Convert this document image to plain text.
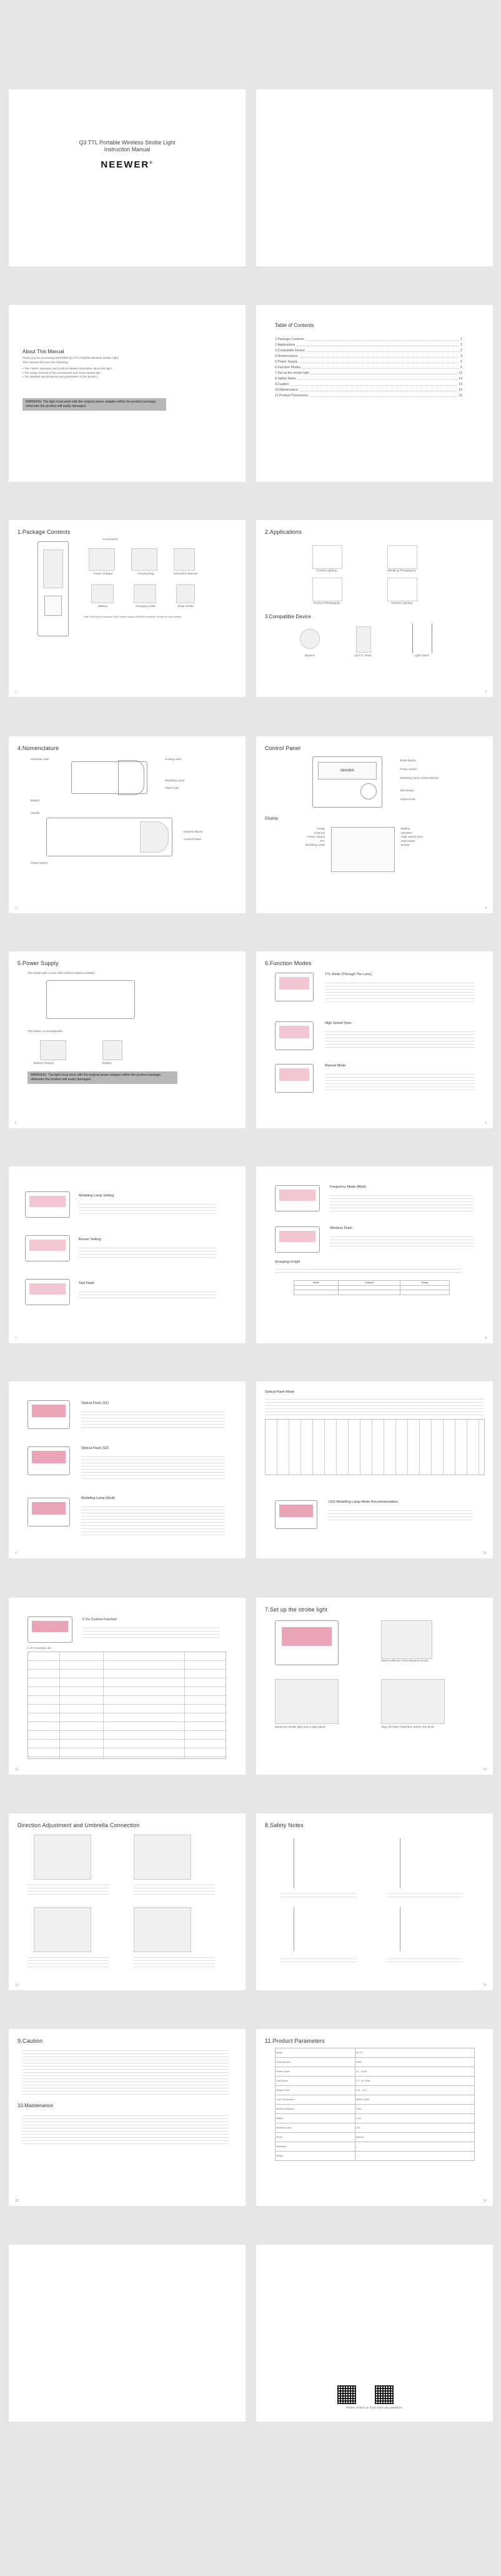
Q3 TTL Portable Wireless Strobe Light
Instruction Manual
NEEWER®
About This Manual
Thank you for purchasing NEEWER Q3 TTL Portable Wireless Strobe Light.
This manual will cover the following:
• The Flash's operation and product-related information about the light.
• The usage method of the accessories and some related tips.
• The detailed specifications and parameters of the product.
WARNING: The light must work with the original power adapter within the product package, otherwise the product will easily damaged.
Table of Contents
1.Package Contents	1
2.Applications	2
3.Compatible Device	2
4.Nomenclature	3
5.Power Supply	5
6.Function Modes	6
7.Set up the strobe light	12
8.Safety Notes	14
9.Caution	15
10.Maintenance	15
11.Product Parameters	16
1.Package Contents
Accessories
Power Charger	Carrying Bag	Instruction Manual
Battery	Charging Cable	Silver Shield
Note: Pictures for reference only. Please contact NEEWER customer service for more details.
1
2.Applications
Portrait Lighting	Wedding Photography
Product Photography	Outdoor Lighting
3.Compatible Device
Bowens	Q3 TTL Flash	Light Stand
2
4.Nomenclature
Umbrella Hole	Cooling Vent
Modeling Lamp
Flash Tube
Battery
Handle
Bowens Mount
Control Panel
Power Button
3
Control Panel
NEEWER
Mode Button
Power Switch
Modeling Lamp Control Button
Test Button
Adjust Knob
Display
Group
Channel
Power Output
TTL
Modeling Lamp
Battery
Wireless
High Speed Sync
Multi-Flash
Buzzer
4
5.Power Supply
The strobe light comes with a lithium battery installed.
The battery is rechargeable.
Battery Charger	Battery
WARNING: The light must work with the original power adapter within the product package, otherwise the product will easily damaged.
5
6.Function Modes
TTL Mode (Through The Lens)
High Speed Sync
Manual Mode
6
Modeling Lamp Setting
Buzzer Setting
Test Flash
7
Frequency Mode (Multi)
Wireless Flash
Grouping of light
Mode	Channel	Group

8
Optical Flash (S1)
Optical Flash (S2)
Modeling Lamp (Multi)
9
Optical Flash Mode
LED Modelling Lamp Mode Recommendation
10
C.Fn Custom Function
C.Fn Function List
11
7.Set up the strobe light
Attach reflector to the Bowens mount.
Mount the strobe light onto a light stand.	Align the flash head then tighten the knob.
12
Direction Adjustment and Umbrella Connection
13
8.Safety Notes
14
9.Caution
10.Maintenance
15
11.Product Parameters
Model	Q3 TTL
Guide Number	GN60
Power Output	1/1 - 1/128
Flash Mode	TTL / M / Multi
Recycle Time	0.01 - 2.5s
Color Temperature	5600K ±200K
Wireless Distance	100m
Battery	Li-ion
Modeling Lamp	LED
Mount	Bowens
Dimension	—
Weight	—
16
Please contact us if you have any questions.
